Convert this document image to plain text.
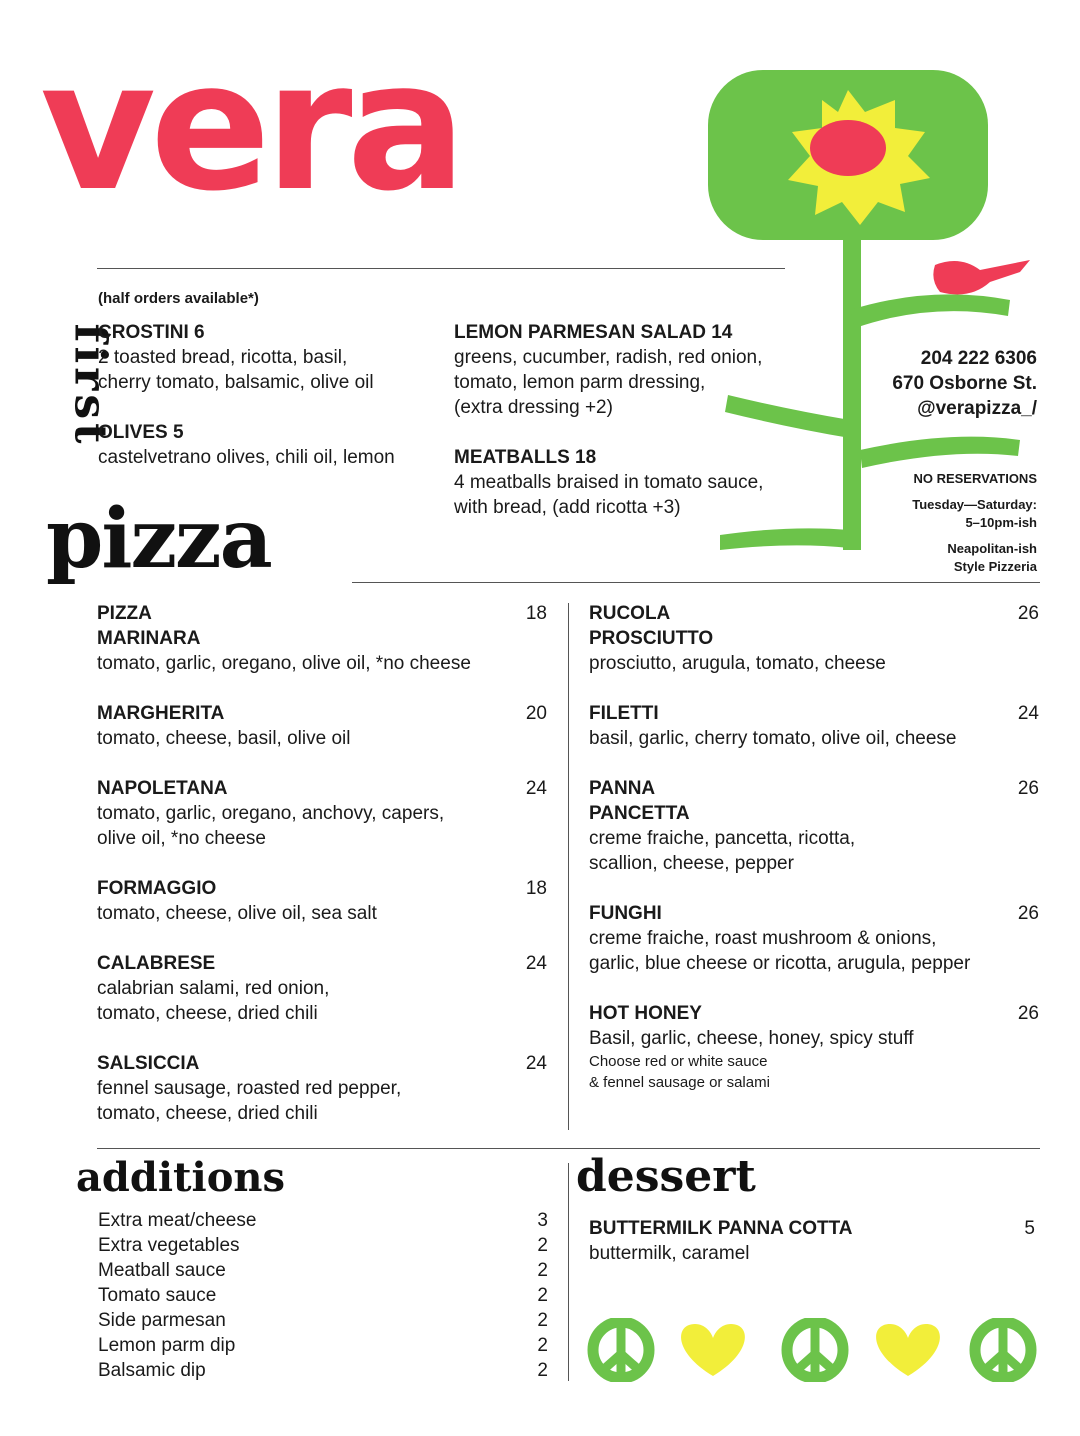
vera
first
(half orders available*)
CROSTINI 6
2 toasted bread, ricotta, basil,
cherry tomato, balsamic, olive oil
OLIVES 5
castelvetrano olives, chili oil, lemon
LEMON PARMESAN SALAD 14
greens, cucumber, radish, red onion,
tomato, lemon parm dressing,
(extra dressing +2)
MEATBALLS 18
4 meatballs braised in tomato sauce,
with bread, (add ricotta +3)
204 222 6306
670 Osborne St.
@verapizza_/
NO RESERVATIONS
Tuesday—Saturday:
5–10pm-ish
Neapolitan-ish
Style Pizzeria
pizza
PIZZA
MARINARA
18
tomato, garlic, oregano, olive oil, *no cheese
MARGHERITA	20
tomato, cheese, basil, olive oil
NAPOLETANA	24
tomato, garlic, oregano, anchovy, capers,
olive oil, *no cheese
FORMAGGIO	18
tomato, cheese, olive oil, sea salt
CALABRESE	24
calabrian salami, red onion,
tomato, cheese, dried chili
SALSICCIA	24
fennel sausage, roasted red pepper,
tomato, cheese, dried chili
RUCOLA
PROSCIUTTO
26
prosciutto, arugula, tomato, cheese
FILETTI	24
basil, garlic, cherry tomato, olive oil, cheese
PANNA
PANCETTA
26
creme fraiche, pancetta, ricotta,
scallion, cheese, pepper
FUNGHI	26
creme fraiche, roast mushroom & onions,
garlic, blue cheese or ricotta, arugula, pepper
HOT HONEY	26
Basil, garlic, cheese, honey, spicy stuff
Choose red or white sauce
& fennel sausage or salami
additions
Extra meat/cheese	3
Extra vegetables	2
Meatball sauce	2
Tomato sauce	2
Side parmesan	2
Lemon parm dip	2
Balsamic dip	2
dessert
BUTTERMILK PANNA COTTA	5
buttermilk, caramel
